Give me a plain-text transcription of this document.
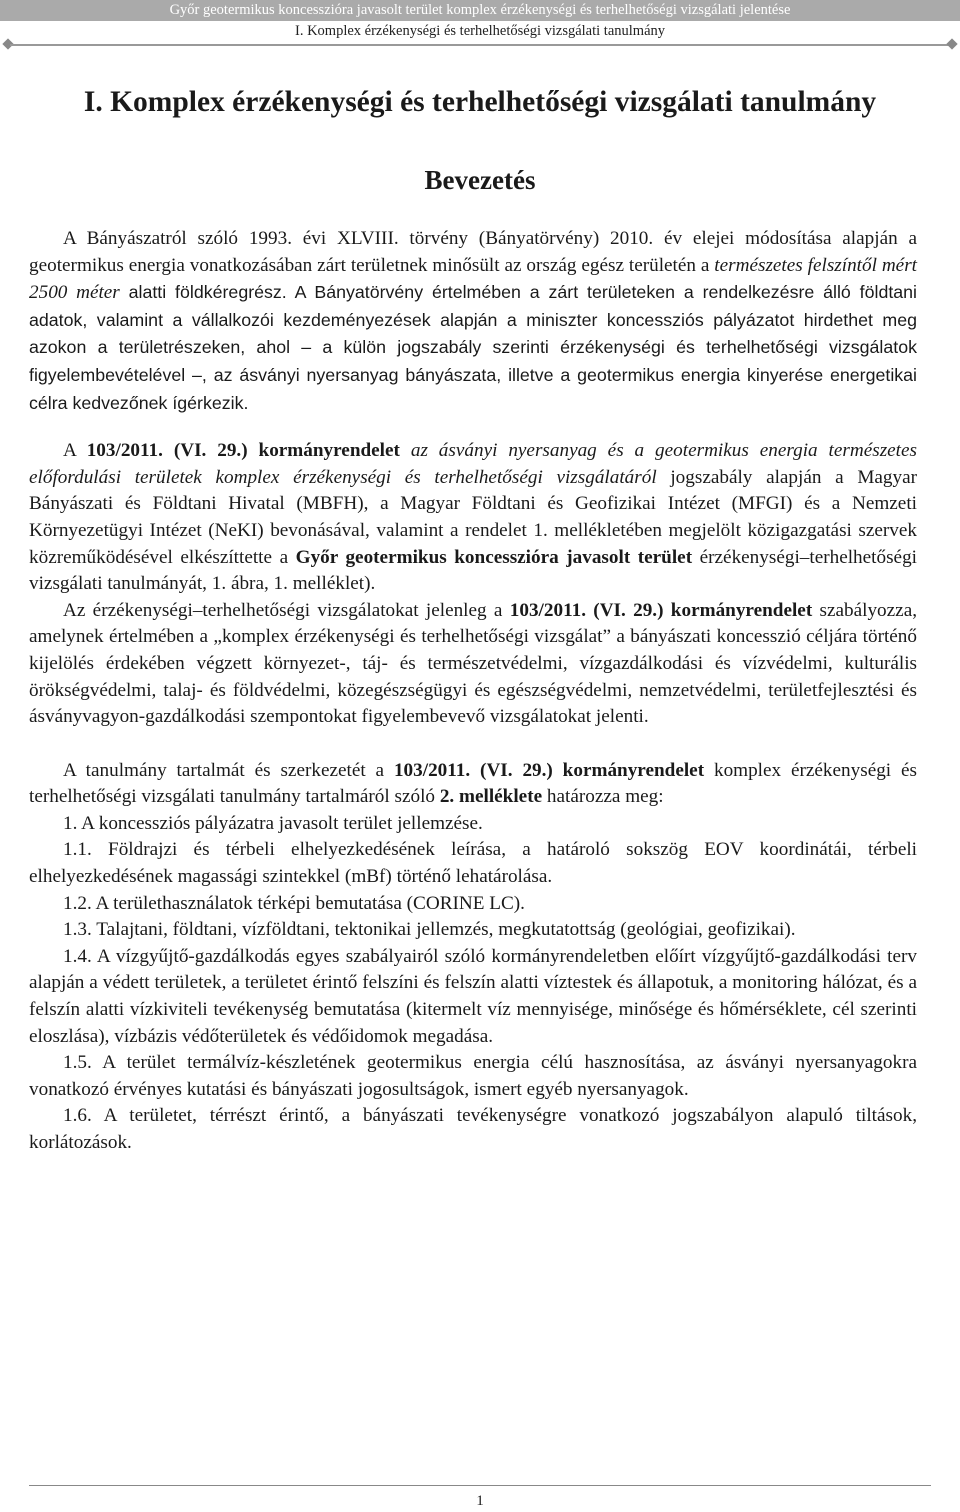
Győr geotermikus koncesszióra javasolt terület komplex érzékenységi és terhelhetőségi vizsgálati jelentése
I. Komplex érzékenységi és terhelhetőségi vizsgálati tanulmány
I. Komplex érzékenységi és terhelhetőségi vizsgálati tanulmány
Bevezetés

A Bányászatról szóló 1993. évi XLVIII. törvény (Bányatörvény) 2010. év elejei módosítása alapján a geotermikus energia vonatkozásában zárt területnek minősült az ország egész területén a természetes felszíntől mért 2500 méter alatti földkéregrész. A Bányatörvény értelmében a zárt területeken a rendelkezésre álló földtani adatok, valamint a vállalkozói kezdeményezések alapján a miniszter koncessziós pályázatot hirdethet meg azokon a területrészeken, ahol – a külön jogszabály szerinti érzékenységi és terhelhetőségi vizsgálatok figyelembevételével –, az ásványi nyersanyag bányászata, illetve a geotermikus energia kinyerése energetikai célra kedvezőnek ígérkezik.

A 103/2011. (VI. 29.) kormányrendelet az ásványi nyersanyag és a geotermikus energia természetes előfordulási területek komplex érzékenységi és terhelhetőségi vizsgálatáról jogszabály alapján a Magyar Bányászati és Földtani Hivatal (MBFH), a Magyar Földtani és Geofizikai Intézet (MFGI) és a Nemzeti Környezetügyi Intézet (NeKI) bevonásával, valamint a rendelet 1. mellékletében megjelölt közigazgatási szervek közreműködésével elkészíttette a Győr geotermikus koncesszióra javasolt terület érzékenységi–terhelhetőségi vizsgálati tanulmányát, 1. ábra, 1. melléklet).

Az érzékenységi–terhelhetőségi vizsgálatokat jelenleg a 103/2011. (VI. 29.) kormányrendelet szabályozza, amelynek értelmében a „komplex érzékenységi és terhelhetőségi vizsgálat” a bányászati koncesszió céljára történő kijelölés érdekében végzett környezet-, táj- és természetvédelmi, vízgazdálkodási és vízvédelmi, kulturális örökségvédelmi, talaj- és földvédelmi, közegészségügyi és egészségvédelmi, nemzetvédelmi, területfejlesztési és ásványvagyon-gazdálkodási szempontokat figyelembevevő vizsgálatokat jelenti.

A tanulmány tartalmát és szerkezetét a 103/2011. (VI. 29.) kormányrendelet komplex érzékenységi és terhelhetőségi vizsgálati tanulmány tartalmáról szóló 2. melléklete határozza meg:

1. A koncessziós pályázatra javasolt terület jellemzése.

1.1. Földrajzi és térbeli elhelyezkedésének leírása, a határoló sokszög EOV koordinátái, térbeli elhelyezkedésének magassági szintekkel (mBf) történő lehatárolása.

1.2. A területhasználatok térképi bemutatása (CORINE LC).

1.3. Talajtani, földtani, vízföldtani, tektonikai jellemzés, megkutatottság (geológiai, geofizikai).

1.4. A vízgyűjtő-gazdálkodás egyes szabályairól szóló kormányrendeletben előírt vízgyűjtő-gazdálkodási terv alapján a védett területek, a területet érintő felszíni és felszín alatti víztestek és állapotuk, a monitoring hálózat, és a felszín alatti vízkiviteli tevékenység bemutatása (kitermelt víz mennyisége, minősége és hőmérséklete, cél szerinti eloszlása), vízbázis védőterületek és védőidomok megadása.

1.5. A terület termálvíz-készletének geotermikus energia célú hasznosítása, az ásványi nyersanyagokra vonatkozó érvényes kutatási és bányászati jogosultságok, ismert egyéb nyersanyagok.

1.6. A területet, térrészt érintő, a bányászati tevékenységre vonatkozó jogszabályon alapuló tiltások, korlátozások.

1
